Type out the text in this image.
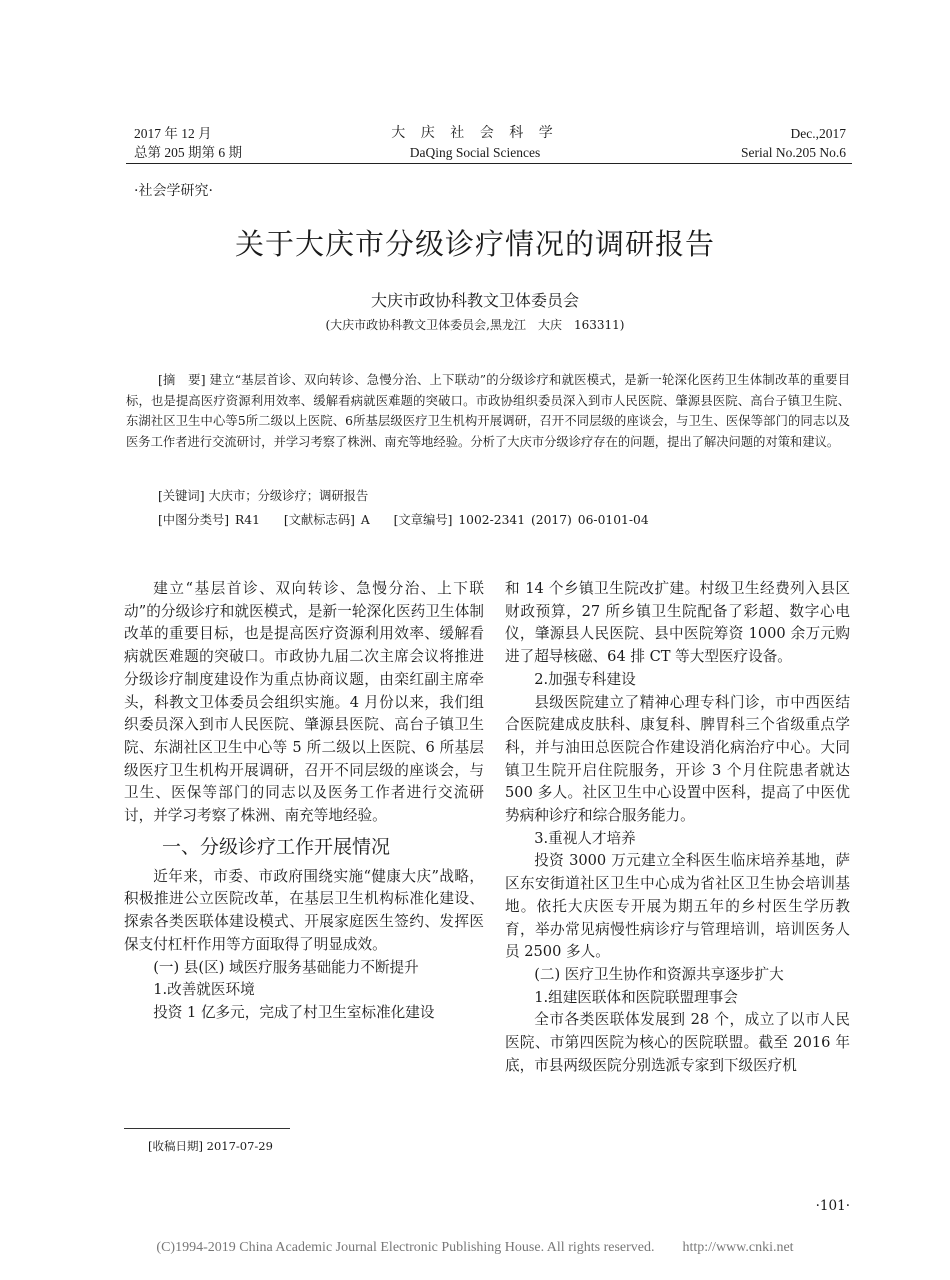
2017 年 12 月
总第 205 期第 6 期
大 庆 社 会 科 学
DaQing Social Sciences
Dec.,2017
Serial No.205 No.6
·社会学研究·
关于大庆市分级诊疗情况的调研报告
大庆市政协科教文卫体委员会
(大庆市政协科教文卫体委员会,黑龙江　大庆　163311)
[摘　要] 建立“基层首诊、双向转诊、急慢分治、上下联动”的分级诊疗和就医模式，是新一轮深化医药卫生体制改革的重要目标，也是提高医疗资源利用效率、缓解看病就医难题的突破口。市政协组织委员深入到市人民医院、肇源县医院、高台子镇卫生院、东湖社区卫生中心等5所二级以上医院、6所基层级医疗卫生机构开展调研，召开不同层级的座谈会，与卫生、医保等部门的同志以及医务工作者进行交流研讨，并学习考察了株洲、南充等地经验。分析了大庆市分级诊疗存在的问题，提出了解决问题的对策和建议。
[关键词] 大庆市；分级诊疗；调研报告
[中图分类号] R41 [文献标志码] A [文章编号] 1002-2341 (2017) 06-0101-04

建立“基层首诊、双向转诊、急慢分治、上下联动”的分级诊疗和就医模式，是新一轮深化医药卫生体制改革的重要目标，也是提高医疗资源利用效率、缓解看病就医难题的突破口。市政协九届二次主席会议将推进分级诊疗制度建设作为重点协商议题，由栾红副主席牵头，科教文卫体委员会组织实施。4 月份以来，我们组织委员深入到市人民医院、肇源县医院、高台子镇卫生院、东湖社区卫生中心等 5 所二级以上医院、6 所基层级医疗卫生机构开展调研，召开不同层级的座谈会，与卫生、医保等部门的同志以及医务工作者进行交流研讨，并学习考察了株洲、南充等地经验。

一、分级诊疗工作开展情况

近年来，市委、市政府围绕实施“健康大庆”战略，积极推进公立医院改革，在基层卫生机构标准化建设、探索各类医联体建设模式、开展家庭医生签约、发挥医保支付杠杆作用等方面取得了明显成效。

(一) 县(区) 域医疗服务基础能力不断提升

1.改善就医环境

投资 1 亿多元，完成了村卫生室标准化建设

和 14 个乡镇卫生院改扩建。村级卫生经费列入县区财政预算，27 所乡镇卫生院配备了彩超、数字心电仪，肇源县人民医院、县中医院筹资 1000 余万元购进了超导核磁、64 排 CT 等大型医疗设备。

2.加强专科建设

县级医院建立了精神心理专科门诊，市中西医结合医院建成皮肤科、康复科、脾胃科三个省级重点学科，并与油田总医院合作建设消化病治疗中心。大同镇卫生院开启住院服务，开诊 3 个月住院患者就达 500 多人。社区卫生中心设置中医科，提高了中医优势病种诊疗和综合服务能力。

3.重视人才培养

投资 3000 万元建立全科医生临床培养基地，萨区东安街道社区卫生中心成为省社区卫生协会培训基地。依托大庆医专开展为期五年的乡村医生学历教育，举办常见病慢性病诊疗与管理培训，培训医务人员 2500 多人。

(二) 医疗卫生协作和资源共享逐步扩大

1.组建医联体和医院联盟理事会

全市各类医联体发展到 28 个，成立了以市人民医院、市第四医院为核心的医院联盟。截至 2016 年底，市县两级医院分别选派专家到下级医疗机

[收稿日期] 2017-07-29
·101·
(C)1994-2019 China Academic Journal Electronic Publishing House. All rights reserved.　　http://www.cnki.net
